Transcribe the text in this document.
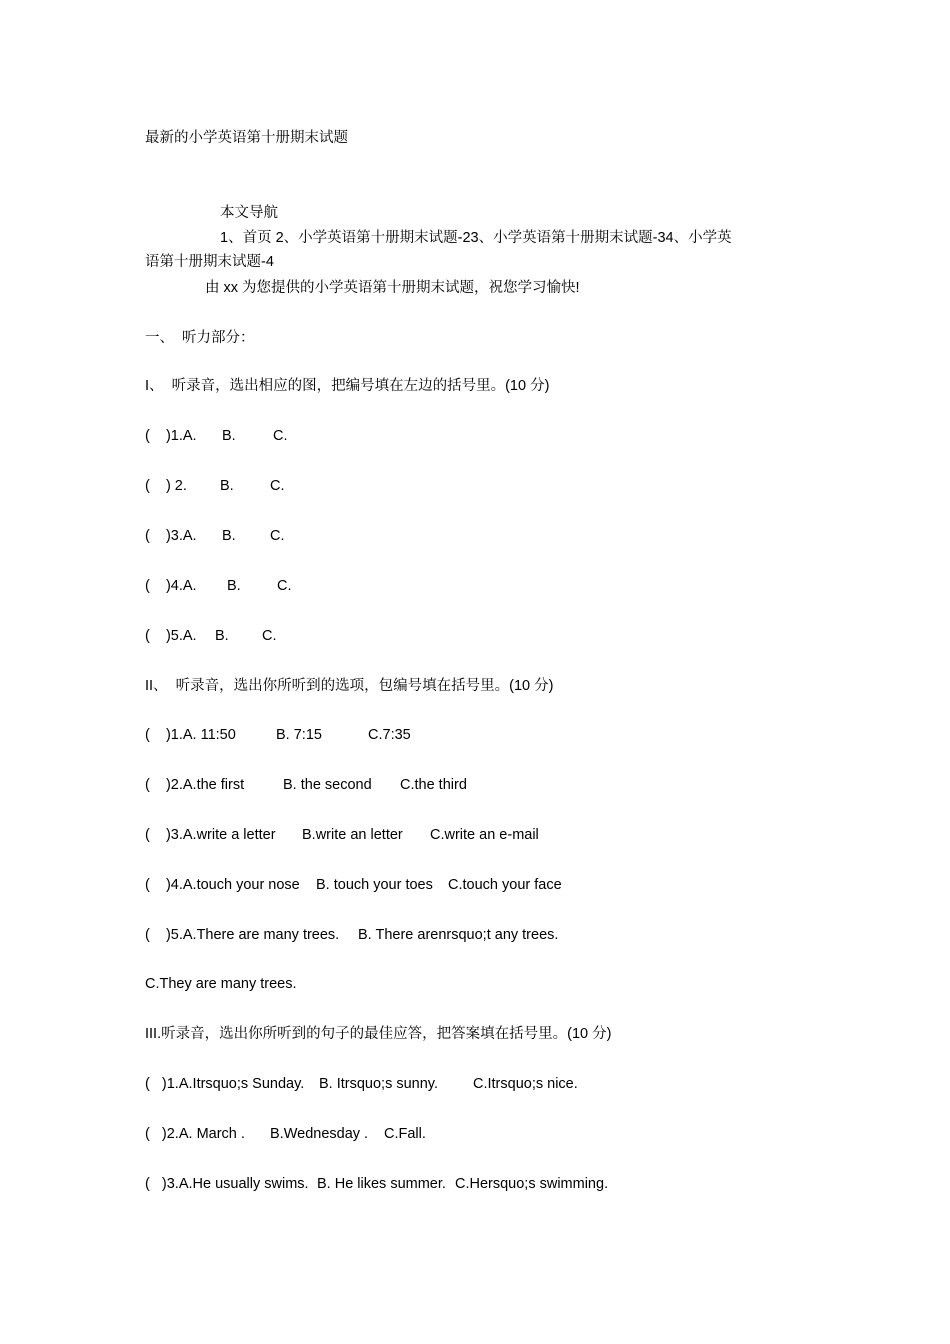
最新的小学英语第十册期末试题
本文导航
1、首页 2、小学英语第十册期末试题-23、小学英语第十册期末试题-34、小学英
语第十册期末试题-4
由 xx 为您提供的小学英语第十册期末试题，祝您学习愉快!
一、  听力部分：
I、  听录音，选出相应的图，把编号填在左边的括号里。(10 分)
(    )1.A.	B.	C.
(    ) 2.	B.	C.
(    )3.A.	B.	C.
(    )4.A.	B.	C.
(    )5.A.	B.	C.
II、  听录音，选出你所听到的选项，包编号填在括号里。(10 分)
(    )1.A. 11:50	B. 7:15	C.7:35
(    )2.A.the first	B. the second	C.the third
(    )3.A.write a letter	B.write an letter	C.write an e-mail
(    )4.A.touch your nose	B. touch your toes	C.touch your face
(    )5.A.There are many trees.	B. There arenrsquo;t any trees.
C.They are many trees.
III.听录音，选出你所听到的句子的最佳应答，把答案填在括号里。(10 分)
(   )1.A.Itrsquo;s Sunday.	B. Itrsquo;s sunny.	C.Itrsquo;s nice.
(   )2.A. March .	B.Wednesday .	C.Fall.
(   )3.A.He usually swims. B. He likes summer. C.Hersquo;s swimming.
